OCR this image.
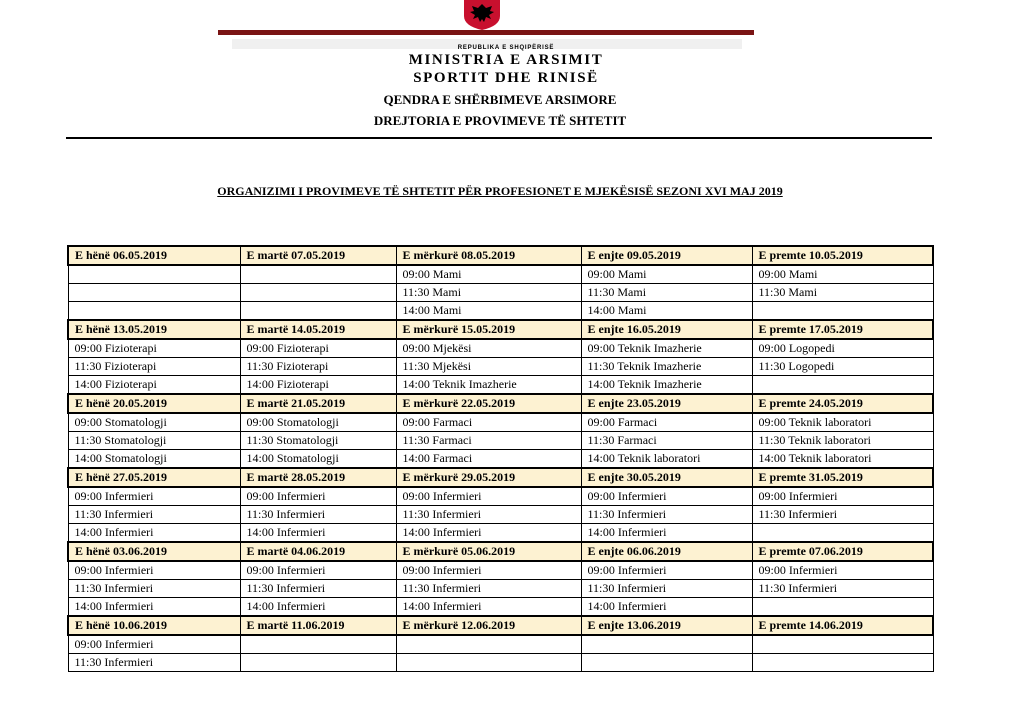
REPUBLIKA E SHQIPËRISË
MINISTRIA E ARSIMIT
SPORTIT DHE RINISË
QENDRA E SHËRBIMEVE ARSIMORE
DREJTORIA E PROVIMEVE TË SHTETIT
ORGANIZIMI I PROVIMEVE TË SHTETIT PËR PROFESIONET E MJEKËSISË SEZONI XVI MAJ 2019
E hënë 06.05.2019	E martë 07.05.2019	E mërkurë 08.05.2019	E enjte 09.05.2019	E premte 10.05.2019
		09:00 Mami	09:00 Mami	09:00 Mami
		11:30 Mami	11:30 Mami	11:30 Mami
		14:00 Mami	14:00 Mami	
E hënë 13.05.2019	E martë 14.05.2019	E mërkurë 15.05.2019	E enjte 16.05.2019	E premte 17.05.2019
09:00 Fizioterapi	09:00 Fizioterapi	09:00 Mjekësi	09:00 Teknik Imazherie	09:00 Logopedi
11:30 Fizioterapi	11:30 Fizioterapi	11:30 Mjekësi	11:30 Teknik Imazherie	11:30 Logopedi
14:00 Fizioterapi	14:00 Fizioterapi	14:00 Teknik Imazherie	14:00 Teknik Imazherie	
E hënë 20.05.2019	E martë 21.05.2019	E mërkurë 22.05.2019	E enjte 23.05.2019	E premte 24.05.2019
09:00 Stomatologji	09:00 Stomatologji	09:00 Farmaci	09:00 Farmaci	09:00 Teknik laboratori
11:30 Stomatologji	11:30 Stomatologji	11:30 Farmaci	11:30 Farmaci	11:30 Teknik laboratori
14:00 Stomatologji	14:00 Stomatologji	14:00 Farmaci	14:00 Teknik laboratori	14:00 Teknik laboratori
E hënë 27.05.2019	E martë 28.05.2019	E mërkurë 29.05.2019	E enjte 30.05.2019	E premte 31.05.2019
09:00 Infermieri	09:00 Infermieri	09:00 Infermieri	09:00 Infermieri	09:00 Infermieri
11:30 Infermieri	11:30 Infermieri	11:30 Infermieri	11:30 Infermieri	11:30 Infermieri
14:00 Infermieri	14:00 Infermieri	14:00 Infermieri	14:00 Infermieri	
E hënë 03.06.2019	E martë 04.06.2019	E mërkurë 05.06.2019	E enjte 06.06.2019	E premte 07.06.2019
09:00 Infermieri	09:00 Infermieri	09:00 Infermieri	09:00 Infermieri	09:00 Infermieri
11:30 Infermieri	11:30 Infermieri	11:30 Infermieri	11:30 Infermieri	11:30 Infermieri
14:00 Infermieri	14:00 Infermieri	14:00 Infermieri	14:00 Infermieri	
E hënë 10.06.2019	E martë 11.06.2019	E mërkurë 12.06.2019	E enjte 13.06.2019	E premte 14.06.2019
09:00 Infermieri				
11:30 Infermieri				
